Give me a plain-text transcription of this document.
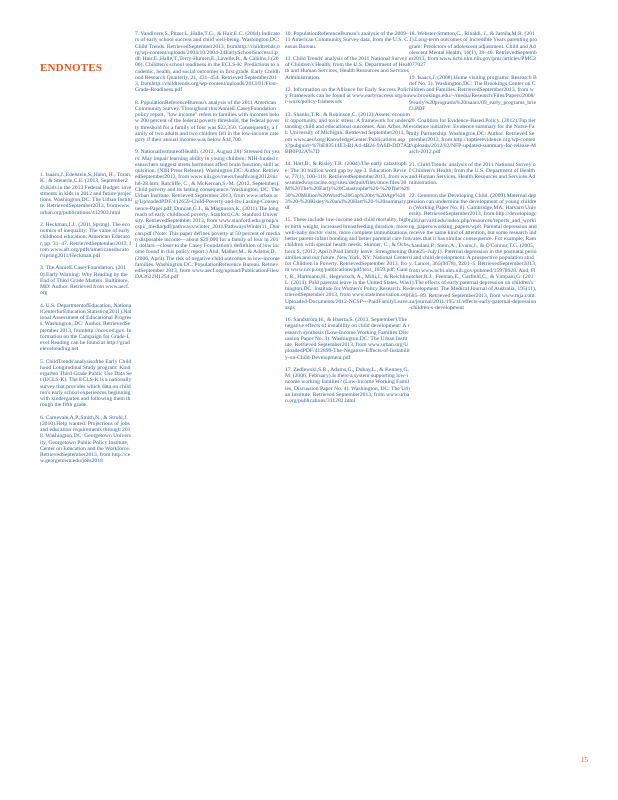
ENDNOTES

1. Isaacs,J.,Edelstein,S.,Hahn, H., Toran,K., & Steuerle,C.E. (2013, September24).Kids in the 2013 Federal Budget: investments in kids in 2012 and future projections. Washington,DC: The Urban Institute. RetrievedSeptember2013, fromwww.urban.org/publications/412903.html

2. Heckman,J.J., (2011,Spring). The economics of inequality: The value of early childhood education. American Educator, pp. 31–47. RetrievedSeptember2013, from www.aft.org/pdfs/americaneducator/spring2011/Heckman.pdf

3. The AnnieE.CaseyFoundation. (2010).Early Warning: Why Reading by the End of Third Grade Matters. Baltimore,MD: Author. Retrieved from www.aecf.org

4. U.S. DepartmentofEducation, NationalCenterforEducation Statistics(2011).National Assessment of Educational Progress. Washington, DC: Author. RetrievedSeptember 2013, fromhttp://nces.ed.gov. Information on the Campaign for Grade-Level Reading can be found at http://gradelevelreading.net

5. ChildTrends'analysisofthe Early Childhood Longitudinal Study program: Kindergarten Third Grade Public Use Data Set (ECLS-K). The ECLS-K is a nationally survey that provides which data on children's early school experiences beginning with kindergarten and following them through the fifth grade.

6. Carnevale,A.P.,Smith,N., & Strohl,J.(2010).Help wanted: Projections of jobs and education requirements through 2018. Washington,DC: Georgetown University, Georgetown Public Policy Institute, Center on Education and the Workforce. RetrievedSeptember2013, from http://cew.georgetown.edu/jobs2018

7. Vandivere,S.,Pitzer,L.,Halle,T.G., & Hair,E.C. (2004).Indicators of early school success and child well-being. Washington,DC: Child Trends. RetrievedSeptember2013, fromhttp://childtrends.org/wp-content/uploads/2004/10/2004-24EarlySchoolSuccess1.pdf; Hair,E.,Halle,T.,Terry-Humen,E.,Lavelle,B., & Calkins,J.(2006). Children's school readiness in the ECLS-K: Predictions to academic, health, and social outcomes in first grade. Early Childhood Research Quarterly, 21, 431–454. Retrieved September2013, fromhttp://childtrends.org/wp-content/uploads/2013/01/First-Grade-Readiness.pdf

8. PopulationReferenceBureau's analysis of the 2011 American Community Survey. Throughout this AnnieE.CaseyFoundation policy report, "low income" refers to families with incomes below 200 percent of the federal poverty threshold, the federal poverty threshold for a family of four was $22,350. Consequently, a family of two adults and two children fell in the low-income category if their annual income was below $44,700.

9. NationalInstituteofHealth. (2012, August 28). Stressed for years: May impair learning ability in young children: NIH-funded researchers suggest stress hormones affect brain function, skill acquisition. [NIH Press Release]. Washington,DC: Author. RetrievedSeptember2013, from www.nih.gov/news/health/aug2012/nichd-28.htm; Ratcliffe, C., & McKernan,S.-M. (2012, September).Child poverty and its lasting consequence. Washington, DC: The Urban Institute. Retrieved September 2013, from www.urban.org/UploadedPDF/412659-Child-Poverty-and-Its-Lasting-Consequence-Paper.pdf; Duncan,G.J., & Magnuson,K. (2011).The long reach of early childhood poverty. Stanford,CA: Stanford University. RetrievedSeptember 2013, from www.stanford.edu/group/scspi/_media/pdf/pathways/winter_2011/PathwaysWinter11_Duncan.pdf (Note: This paper defines poverty at 50 percent of median disposable income—about $29,000 for a family of four in 2011 dollars—closer to the Casey Foundation's definition of low income found in this policy report.) And, Mather,M., & Adams,D. (2006, April).The risk of negative child outcomes in low-income families. Washington,DC: PopulationReference Bureau. RetrievedSeptember 2013, from www.aecf.org/upload/PublicationFiles/DA3622H1254.pdf

10. PopulationReferenceBureau's analysis of the 2009–11 American Community Survey data, from the U.S. Census Bureau.

11. Child Trends' analysis of the 2011 National Survey of Children's Health, from the U.S. Department of Health and Human Services, Health Resources and Services Administration.

12. Information on the Alliance for Early Success Policy Framework can be found at www.earlysuccess.org/our-work/policy-framework

13. Shanks,T.R., & Robinson,C. (2012).Assets, economic opportunity, and toxic stress: A framework for understanding child and educational outcomes. Ann Arbor, MI: University of Michigan. Retrieved September2013, from www.aecf.org/KnowledgeCenter/Publications.aspx?pubguid=%7bE83514E3-B1A4-4B24-9A6D-DD7A2BB0F02A%7D

14. Hart,B., & Risley,T.R. (2004).The early catastrophe: The 30 million word gap by age 3. Education Review, 77(1), 100–118. RetrievedSeptember2013, from www.unitedwayracine.org/sites/default/files/imce/files/30M%20The%20Early%20Catastrophe%20-%20The%2030%20Million%20Word%20Gap%20by%20Age%203%20-%20Risley%20and%20Hart%20-%20summary.pdf

15. These include low-income and child mortality, higher birth weight, increased breastfeeding duration, more well-baby doctor visits, more complete immunizations, better parent-infant bonding and better parental care for children with special health needs. Skinner, C., & Ochshorn,S. (2012, April).Paid family leave: Strengthening families and our future. New York, NY: National Center for Children in Poverty. RetrievedSeptember 2013, from www.nccp.org/publications/pdf/text_1059.pdf; Gault, B., Hartmann,H., Hegewisch, A., Milli,J., & Reichlin,L. (2014). Paid parental leave in the United States. Washington,DC: Institute for Women's Policy Research. RetrievedSeptember 2013, from www.stateinnovation.org/Uploaded-Documents/2012-NCSP---PaidFamilyLeave.aspx

16. Sandstrom,H., & Huerta,S. (2013, September).The negative effects of instability on child development: A research synthesis (Low-Income Working Families Discussion Paper No. 3). Washington,DC: The Urban Institute. Retrieved September2013, from www.urban.org/UploadedPDF/412899-The-Negative-Effects-of-Instability-on-Child-Development.pdf

17. Zedlewski,S.R., Adams,G., Dubay,L., & Kenney,G.M. (2006, February).Is there a system supporting low-income working families? (Low-Income Working Families, Discussion Paper No. 4). Washington, DC: The Urban Institute. Retrieved September2013, from www.urban.org/publications/311282.html

18. Webster-Stratton,C., Rinaldi, J., & Jamila,M.R. (2011).Long-term outcomes of Incredible Years parenting program: Predictors of adolescent adjustment. Child and Adolescent Mental Health, 16(1), 38–46. RetrievedSeptember2013, from www.ncbi.nlm.nih.gov/pmc/articles/PMC3077027

19. Isaacs,J. (2008).Home visiting programs: Research Brief No. 3). Washington,DC: The Brookings Center on Children and Families. RetrievedSeptember2013, from www.brookings.edu/~/media/Research/Files/Papers/2008/9/early%20programs%20isaacs/09_early_programs_brief3.PDF

20. Coalition for Evidence-Based Policy. (2012).Top tier evidence initiative: Evidence summary for the Nurse-Family Partnership. Washington,DC: Author. Retrieved September2013, from http://toptierevidence.org/wp-content/uploads/2012/02/NFP-updated-summary-for-release-March-2012.pdf

21. Child Trends' analysis of the 2011 National Survey of Children's Health, from the U.S. Department of Health and Human Services, Health Resources and Services Administration.

22. Centeron the Developing Child. (2009).Maternal depression can undermine the development of young children (Working Paper No. 8). Cambridge,MA: Harvard University. RetrievedSeptember2013, from http://developingchild.harvard.edu/index.php/resources/reports_and_working_papers/working_papers/wp8. Parental depression and receive the same kind of attention, but some research indicates that it has similar consequence. For example, Ramchandani,P., Stein,A., Evans,J., & O'Connor,T.G. (2005, June25–July1). Paternal depression in the postnatal period and child development: A prospective population study. Lancet, 365(9478), 2201–5. RetrievedSeptember2013, from www.ncbi.nlm.nih.gov/pubmed/15978928. And, Fletcher,R.J., Feeman,E., Garfield,C., & Vimpani,G. (2011).The effects of early paternal depression on children's development. The Medical Journal of Australia, 195(11), 685–89. Retrieved September2013, from www.mja.com.au/journal/2011/195/11/effects-early-paternal-depression-children-s-development

15
